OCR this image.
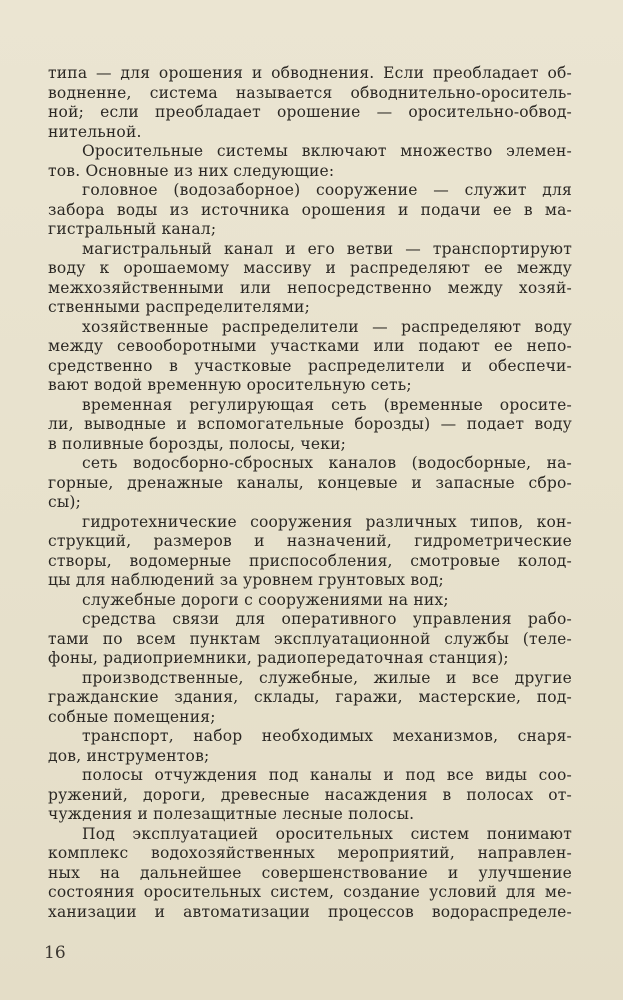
типа — для орошения и обводнения. Если преобладает об-
водненне, система называется обводнительно-ороситель-
ной; если преобладает орошение — оросительно-обвод-
нительной.
Оросительные системы включают множество элемен-
тов. Основные из них следующие:
головное (водозаборное) сооружение — служит для
забора воды из источника орошения и подачи ее в ма-
гистральный канал;
магистральный канал и его ветви — транспортируют
воду к орошаемому массиву и распределяют ее между
межхозяйственными или непосредственно между хозяй-
ственными распределителями;
хозяйственные распределители — распределяют воду
между севооборотными участками или подают ее непо-
средственно в участковые распределители и обеспечи-
вают водой временную оросительную сеть;
временная регулирующая сеть (временные оросите-
ли, выводные и вспомогательные борозды) — подает воду
в поливные борозды, полосы, чеки;
сеть водосборно-сбросных каналов (водосборные, на-
горные, дренажные каналы, концевые и запасные сбро-
сы);
гидротехнические сооружения различных типов, кон-
струкций, размеров и назначений, гидрометрические
створы, водомерные приспособления, смотровые колод-
цы для наблюдений за уровнем грунтовых вод;
служебные дороги с сооружениями на них;
средства связи для оперативного управления рабо-
тами по всем пунктам эксплуатационной службы (теле-
фоны, радиоприемники, радиопередаточная станция);
производственные, служебные, жилые и все другие
гражданские здания, склады, гаражи, мастерские, под-
собные помещения;
транспорт, набор необходимых механизмов, снаря-
дов, инструментов;
полосы отчуждения под каналы и под все виды соо-
ружений, дороги, древесные насаждения в полосах от-
чуждения и полезащитные лесные полосы.
Под эксплуатацией оросительных систем понимают
комплекс водохозяйственных мероприятий, направлен-
ных на дальнейшее совершенствование и улучшение
состояния оросительных систем, создание условий для ме-
ханизации и автоматизации процессов водораспределе-
16
